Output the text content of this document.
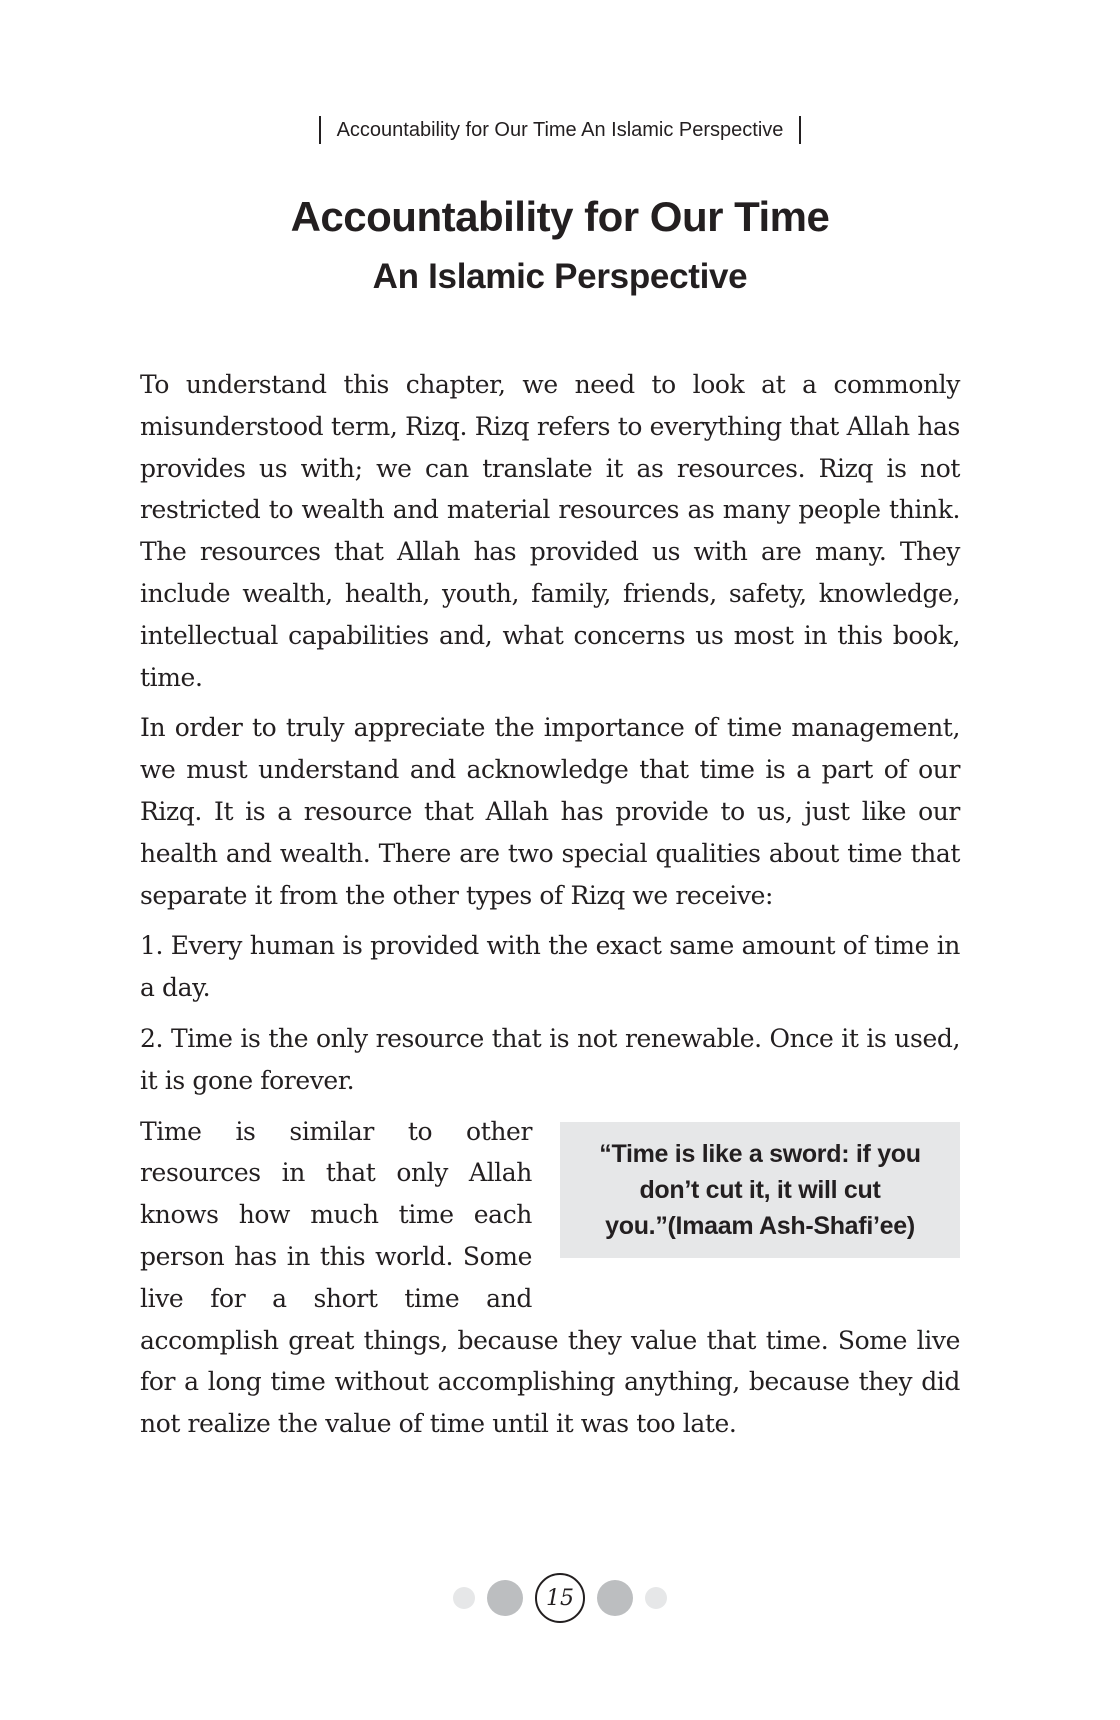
Accountability for Our Time An Islamic Perspective
Accountability for Our Time
An Islamic Perspective

To understand this chapter, we need to look at a commonly misunderstood term, Rizq. Rizq refers to everything that Allah has provides us with; we can translate it as resources. Rizq is not restricted to wealth and material resources as many people think. The resources that Allah has provided us with are many. They include wealth, health, youth, family, friends, safety, knowledge, intellectual capabilities and, what concerns us most in this book, time.

In order to truly appreciate the importance of time management, we must understand and acknowledge that time is a part of our Rizq. It is a resource that Allah has provide to us, just like our health and wealth. There are two special qualities about time that separate it from the other types of Rizq we receive:

1. Every human is provided with the exact same amount of time in a day.

2. Time is the only resource that is not renewable. Once it is used, it is gone forever.

“Time is like a sword: if you don’t cut it, it will cut you.”(Imaam Ash-Shafi’ee)

Time is similar to other resources in that only Allah knows how much time each person has in this world. Some live for a short time and accomplish great things, because they value that time. Some live for a long time without accomplishing anything, because they did not realize the value of time until it was too late.

15
